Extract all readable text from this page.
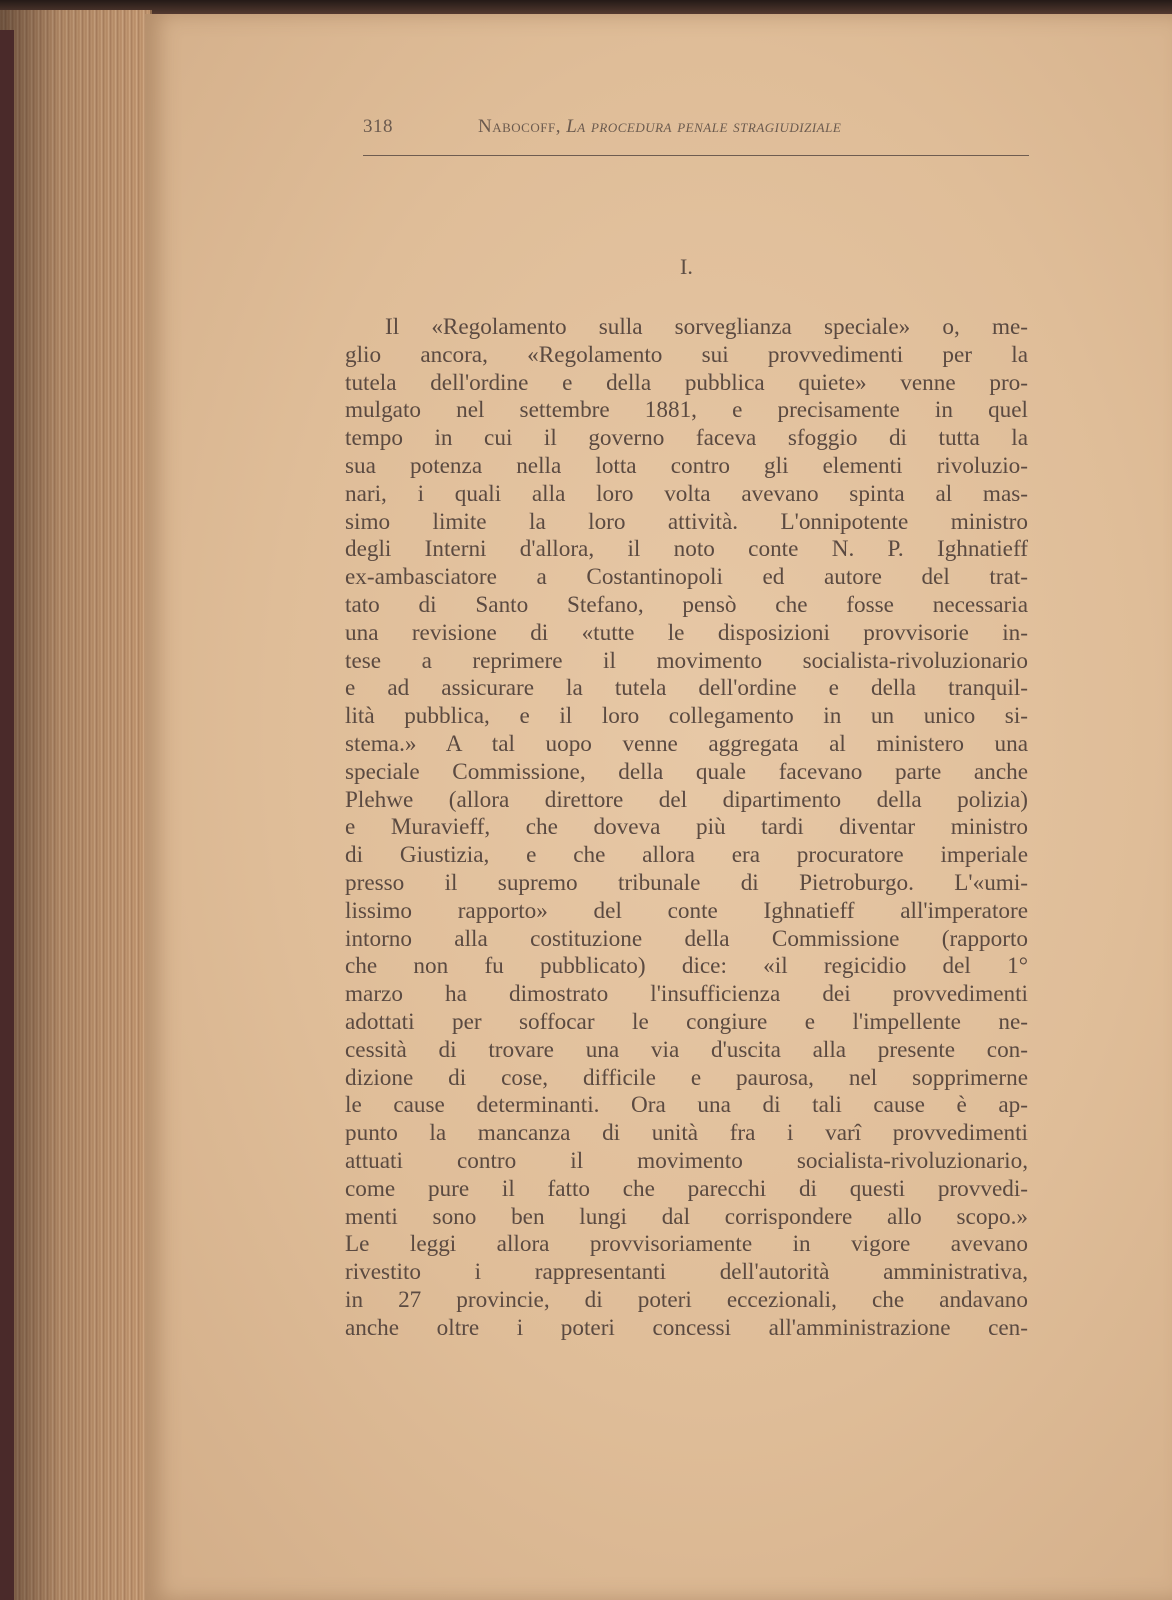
318	Nabocoff, La procedura penale stragiudiziale
I.
Il «Regolamento sulla sorveglianza speciale» o, me-
glio ancora, «Regolamento sui provvedimenti per la
tutela dell'ordine e della pubblica quiete» venne pro-
mulgato nel settembre 1881, e precisamente in quel
tempo in cui il governo faceva sfoggio di tutta la
sua potenza nella lotta contro gli elementi rivoluzio-
nari, i quali alla loro volta avevano spinta al mas-
simo limite la loro attività. L'onnipotente ministro
degli Interni d'allora, il noto conte N. P. Ighnatieff
ex-ambasciatore a Costantinopoli ed autore del trat-
tato di Santo Stefano, pensò che fosse necessaria
una revisione di «tutte le disposizioni provvisorie in-
tese a reprimere il movimento socialista-rivoluzionario
e ad assicurare la tutela dell'ordine e della tranquil-
lità pubblica, e il loro collegamento in un unico si-
stema.» A tal uopo venne aggregata al ministero una
speciale Commissione, della quale facevano parte anche
Plehwe (allora direttore del dipartimento della polizia)
e Muravieff, che doveva più tardi diventar ministro
di Giustizia, e che allora era procuratore imperiale
presso il supremo tribunale di Pietroburgo. L'«umi-
lissimo rapporto» del conte Ighnatieff all'imperatore
intorno alla costituzione della Commissione (rapporto
che non fu pubblicato) dice: «il regicidio del 1°
marzo ha dimostrato l'insufficienza dei provvedimenti
adottati per soffocar le congiure e l'impellente ne-
cessità di trovare una via d'uscita alla presente con-
dizione di cose, difficile e paurosa, nel sopprimerne
le cause determinanti. Ora una di tali cause è ap-
punto la mancanza di unità fra i varî provvedimenti
attuati contro il movimento socialista-rivoluzionario,
come pure il fatto che parecchi di questi provvedi-
menti sono ben lungi dal corrispondere allo scopo.»
Le leggi allora provvisoriamente in vigore avevano
rivestito i rappresentanti dell'autorità amministrativa,
in 27 provincie, di poteri eccezionali, che andavano
anche oltre i poteri concessi all'amministrazione cen-
